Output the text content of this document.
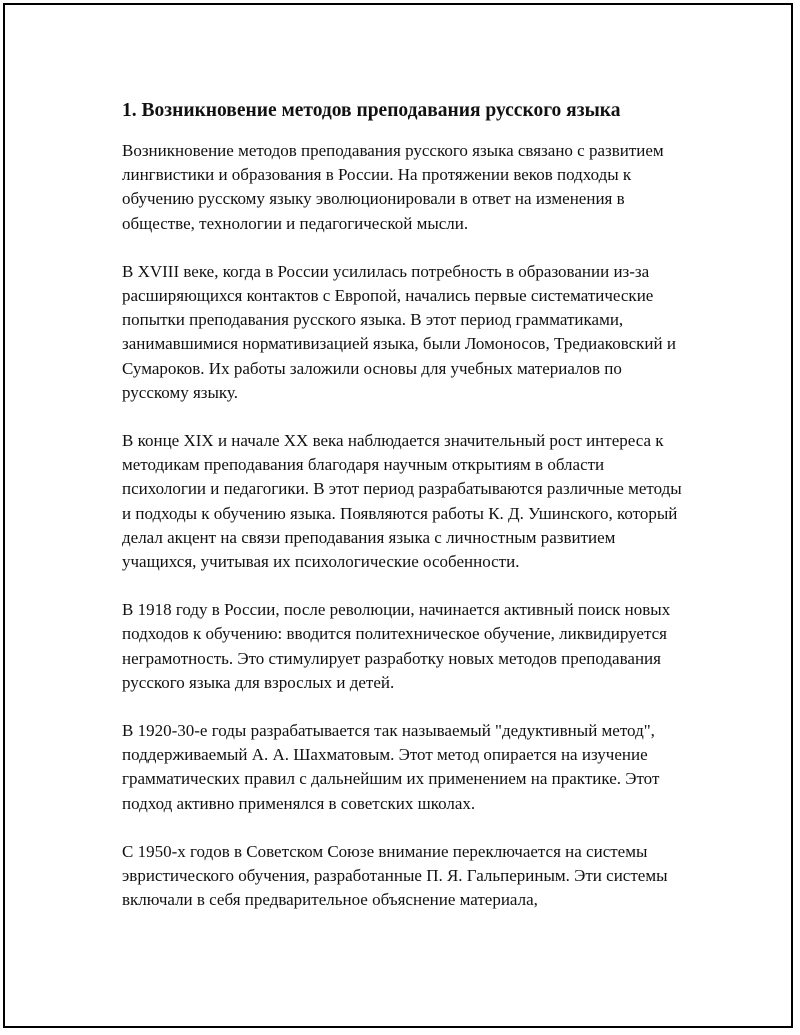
1. Возникновение методов преподавания русского языка

Возникновение методов преподавания русского языка связано с развитием лингвистики и образования в России. На протяжении веков подходы к обучению русскому языку эволюционировали в ответ на изменения в обществе, технологии и педагогической мысли.

В XVIII веке, когда в России усилилась потребность в образовании из-за расширяющихся контактов с Европой, начались первые систематические попытки преподавания русского языка. В этот период грамматиками, занимавшимися нормативизацией языка, были Ломоносов, Тредиаковский и Сумароков. Их работы заложили основы для учебных материалов по русскому языку.

В конце XIX и начале XX века наблюдается значительный рост интереса к методикам преподавания благодаря научным открытиям в области психологии и педагогики. В этот период разрабатываются различные методы и подходы к обучению языка. Появляются работы К. Д. Ушинского, который делал акцент на связи преподавания языка с личностным развитием учащихся, учитывая их психологические особенности.

В 1918 году в России, после революции, начинается активный поиск новых подходов к обучению: вводится политехническое обучение, ликвидируется неграмотность. Это стимулирует разработку новых методов преподавания русского языка для взрослых и детей.

В 1920-30-е годы разрабатывается так называемый "дедуктивный метод", поддерживаемый А. А. Шахматовым. Этот метод опирается на изучение грамматических правил с дальнейшим их применением на практике. Этот подход активно применялся в советских школах.

С 1950-х годов в Советском Союзе внимание переключается на системы эвристического обучения, разработанные П. Я. Гальпериным. Эти системы включали в себя предварительное объяснение материала,
